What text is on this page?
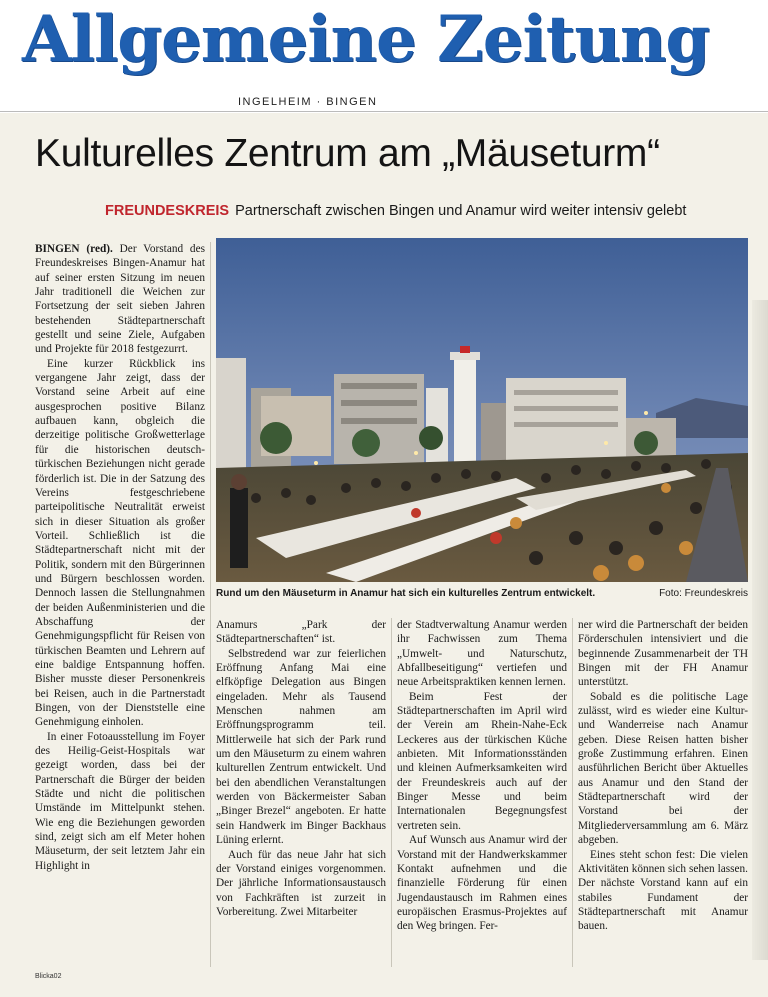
Allgemeine Zeitung
INGELHEIM · BINGEN
Kulturelles Zentrum am „Mäuseturm“
FREUNDESKREIS Partnerschaft zwischen Bingen und Anamur wird weiter intensiv gelebt

BINGEN (red). Der Vorstand des Freundeskreises Bingen-Anamur hat auf seiner ersten Sitzung im neuen Jahr traditionell die Weichen zur Fortsetzung der seit sieben Jahren bestehenden Städtepartnerschaft gestellt und seine Ziele, Aufgaben und Projekte für 2018 festgezurrt.

Eine kurzer Rückblick ins vergangene Jahr zeigt, dass der Vorstand seine Arbeit auf eine ausgesprochen positive Bilanz aufbauen kann, obgleich die derzeitige politische Großwetterlage für die historischen deutsch-türkischen Beziehungen nicht gerade förderlich ist. Die in der Satzung des Vereins festgeschriebene parteipolitische Neutralität erweist sich in dieser Situation als großer Vorteil. Schließlich ist die Städtepartnerschaft nicht mit der Politik, sondern mit den Bürgerinnen und Bürgern beschlossen worden. Dennoch lassen die Stellungnahmen der beiden Außenministerien und die Abschaffung der Genehmigungspflicht für Reisen von türkischen Beamten und Lehrern auf eine baldige Entspannung hoffen. Bisher musste dieser Personenkreis bei Reisen, auch in die Partnerstadt Bingen, von der Dienststelle eine Genehmigung einholen.

In einer Fotoausstellung im Foyer des Heilig-Geist-Hospitals war gezeigt worden, dass bei der Partnerschaft die Bürger der beiden Städte und nicht die politischen Umstände im Mittelpunkt stehen. Wie eng die Beziehungen geworden sind, zeigt sich am elf Meter hohen Mäuseturm, der seit letztem Jahr ein Highlight in

Rund um den Mäuseturm in Anamur hat sich ein kulturelles Zentrum entwickelt.	Foto: Freundeskreis

Anamurs „Park der Städtepartnerschaften“ ist.

Selbstredend war zur feierlichen Eröffnung Anfang Mai eine elfköpfige Delegation aus Bingen eingeladen. Mehr als Tausend Menschen nahmen am Eröffnungsprogramm teil. Mittlerweile hat sich der Park rund um den Mäuseturm zu einem wahren kulturellen Zentrum entwickelt. Und bei den abendlichen Veranstaltungen werden von Bäckermeister Saban „Binger Brezel“ angeboten. Er hatte sein Handwerk im Binger Backhaus Lüning erlernt.

Auch für das neue Jahr hat sich der Vorstand einiges vorgenommen. Der jährliche Informationsaustausch von Fachkräften ist zurzeit in Vorbereitung. Zwei Mitarbeiter

der Stadtverwaltung Anamur werden ihr Fachwissen zum Thema „Umwelt- und Naturschutz, Abfallbeseitigung“ vertiefen und neue Arbeitspraktiken kennen lernen.

Beim Fest der Städtepartnerschaften im April wird der Verein am Rhein-Nahe-Eck Leckeres aus der türkischen Küche anbieten. Mit Informationsständen und kleinen Aufmerksamkeiten wird der Freundeskreis auch auf der Binger Messe und beim Internationalen Begegnungsfest vertreten sein.

Auf Wunsch aus Anamur wird der Vorstand mit der Handwerkskammer Kontakt aufnehmen und die finanzielle Förderung für einen Jugendaustausch im Rahmen eines europäischen Erasmus-Projektes auf den Weg bringen. Fer-

ner wird die Partnerschaft der beiden Förderschulen intensiviert und die beginnende Zusammenarbeit der TH Bingen mit der FH Anamur unterstützt.

Sobald es die politische Lage zulässt, wird es wieder eine Kultur- und Wanderreise nach Anamur geben. Diese Reisen hatten bisher große Zustimmung erfahren. Einen ausführlichen Bericht über Aktuelles aus Anamur und den Stand der Städtepartnerschaft wird der Vorstand bei der Mitgliederversammlung am 6. März abgeben.

Eines steht schon fest: Die vielen Aktivitäten können sich sehen lassen. Der nächste Vorstand kann auf ein stabiles Fundament der Städtepartnerschaft mit Anamur bauen.

Blicka02
